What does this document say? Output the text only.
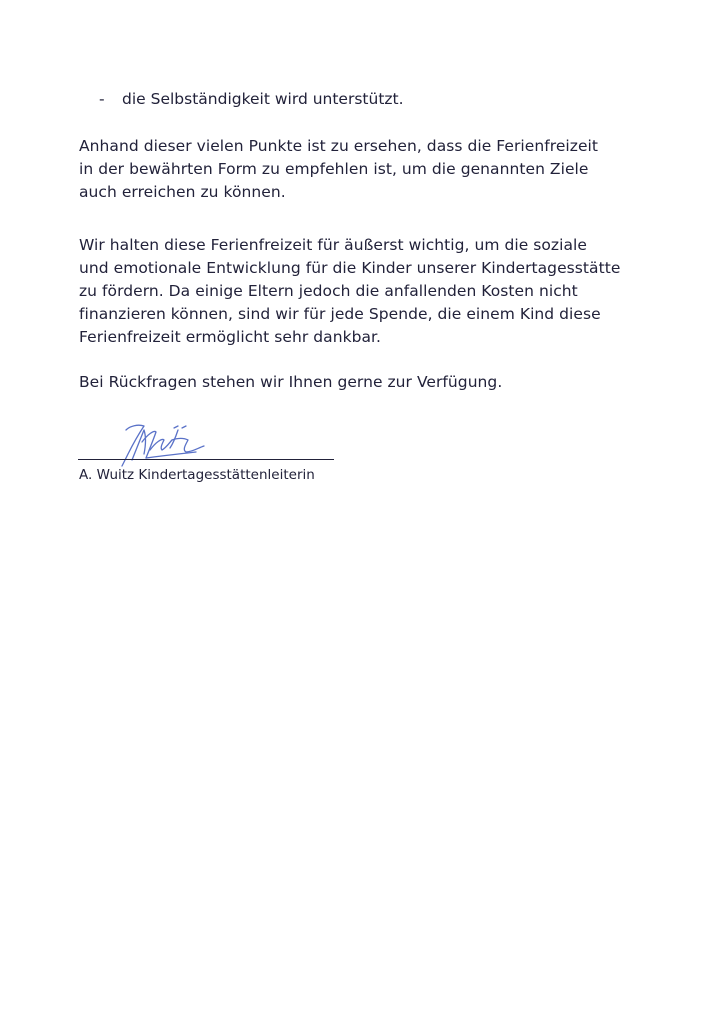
- die Selbständigkeit wird unterstützt.
Anhand dieser vielen Punkte ist zu ersehen, dass die Ferienfreizeit
in der bewährten Form zu empfehlen ist, um die genannten Ziele
auch erreichen zu können.
Wir halten diese Ferienfreizeit für äußerst wichtig, um die soziale
und emotionale Entwicklung für die Kinder unserer Kindertagesstätte
zu fördern. Da einige Eltern jedoch die anfallenden Kosten nicht
finanzieren können, sind wir für jede Spende, die einem Kind diese
Ferienfreizeit ermöglicht sehr dankbar.
Bei Rückfragen stehen wir Ihnen gerne zur Verfügung.
A. Wuitz Kindertagesstättenleiterin
